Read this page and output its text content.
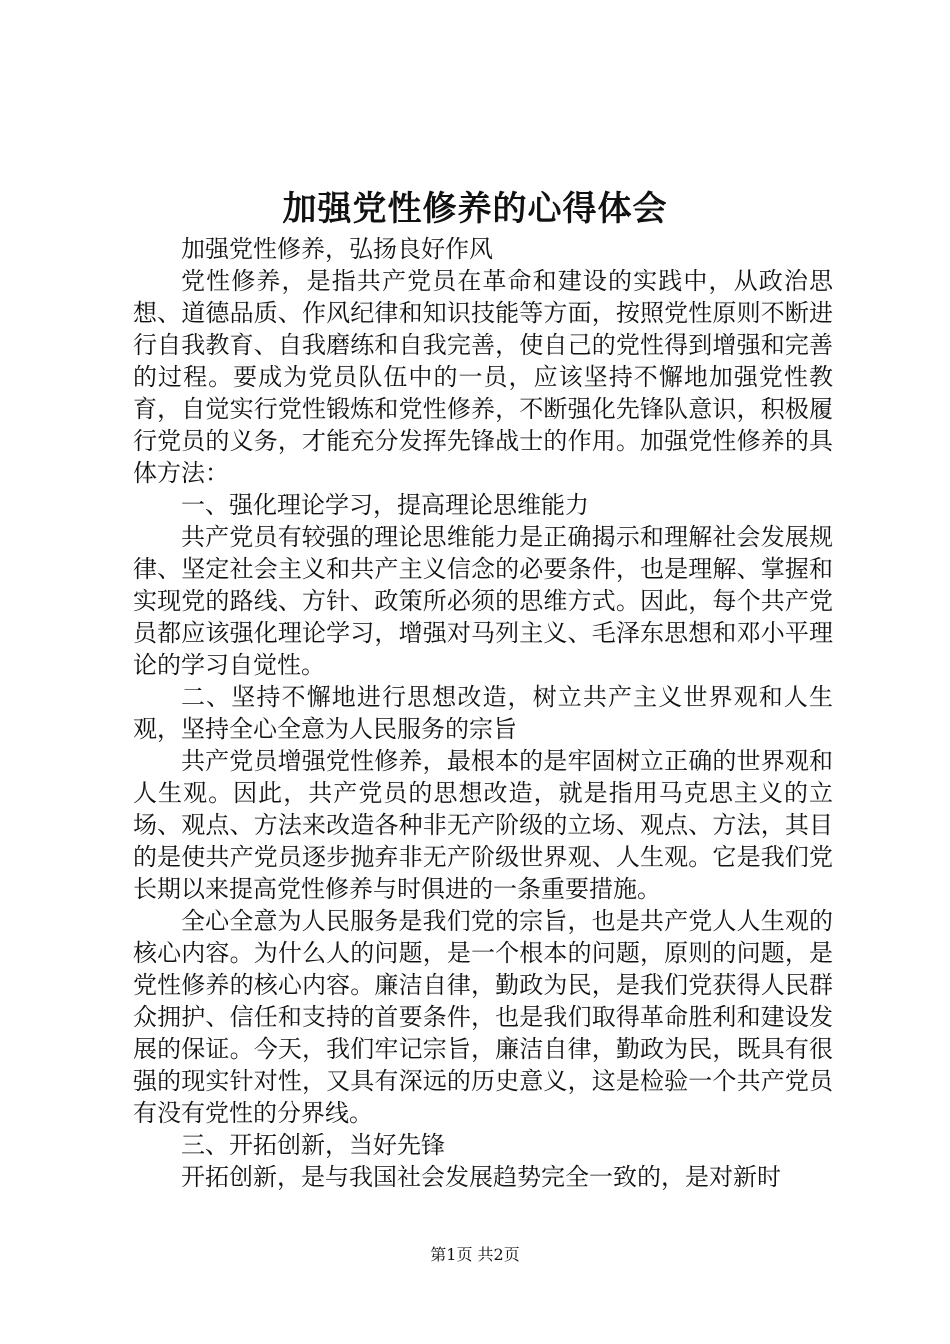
加强党性修养的心得体会

加强党性修养，弘扬良好作风

党性修养，是指共产党员在革命和建设的实践中，从政治思想、道德品质、作风纪律和知识技能等方面，按照党性原则不断进行自我教育、自我磨练和自我完善，使自己的党性得到增强和完善的过程。要成为党员队伍中的一员，应该坚持不懈地加强党性教育，自觉实行党性锻炼和党性修养，不断强化先锋队意识，积极履行党员的义务，才能充分发挥先锋战士的作用。加强党性修养的具体方法：

一、强化理论学习，提高理论思维能力

共产党员有较强的理论思维能力是正确揭示和理解社会发展规律、坚定社会主义和共产主义信念的必要条件，也是理解、掌握和实现党的路线、方针、政策所必须的思维方式。因此，每个共产党员都应该强化理论学习，增强对马列主义、毛泽东思想和邓小平理论的学习自觉性。

二、坚持不懈地进行思想改造，树立共产主义世界观和人生观，坚持全心全意为人民服务的宗旨

共产党员增强党性修养，最根本的是牢固树立正确的世界观和人生观。因此，共产党员的思想改造，就是指用马克思主义的立场、观点、方法来改造各种非无产阶级的立场、观点、方法，其目的是使共产党员逐步抛弃非无产阶级世界观、人生观。它是我们党长期以来提高党性修养与时俱进的一条重要措施。

全心全意为人民服务是我们党的宗旨，也是共产党人人生观的核心内容。为什么人的问题，是一个根本的问题，原则的问题，是党性修养的核心内容。廉洁自律，勤政为民，是我们党获得人民群众拥护、信任和支持的首要条件，也是我们取得革命胜利和建设发展的保证。今天，我们牢记宗旨，廉洁自律，勤政为民，既具有很强的现实针对性，又具有深远的历史意义，这是检验一个共产党员有没有党性的分界线。

三、开拓创新，当好先锋

开拓创新，是与我国社会发展趋势完全一致的，是对新时

第1页 共2页
